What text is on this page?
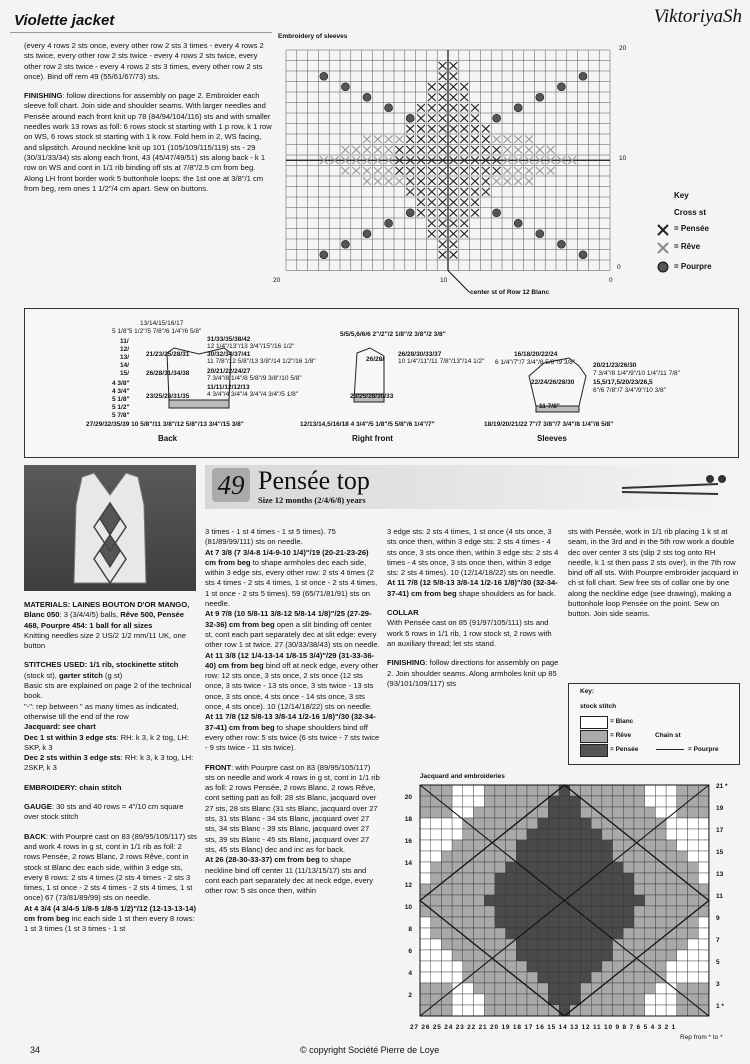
Violette jacket	ViktoriyaSh

(every 4 rows 2 sts once, every other row 2 sts 3 times - every 4 rows 2 sts twice, every other row 2 sts twice - every 4 rows 2 sts twice, every other row 2 sts twice - every 4 rows 2 sts 3 times, every other row 2 sts once). Bind off rem 49 (55/61/67/73) sts.

FINISHING: follow directions for assembly on page 2. Embroider each sleeve foll chart. Join side and shoulder seams. With larger needles and Pensée around each front knit up 78 (84/94/104/116) sts and with smaller needles work 13 rows as foll: 6 rows stock st starting with 1 p row, k 1 row on WS, 6 rows stock st starting with 1 k row. Fold hem in 2, WS facing, and slipstitch. Around neckline knit up 101 (105/109/115/119) sts - 29 (30/31/33/34) sts along each front, 43 (45/47/49/51) sts along back - k 1 row on WS and cont in 1/1 rib binding off sts at 7/8"/2.5 cm from beg. Along LH front border work 5 buttonhole loops: the 1st one at 3/8"/1 cm from beg, rem ones 1 1/2"/4 cm apart. Sew on buttons.

Embroidery of sleeves
20
10
0
20	10	0
center st of Row 12 Blanc
Key
Cross st
= Pensée
= Rêve
= Pourpre
13/14/15/16/17
5 1/8"5 1/2"/5 7/8"/6 1/4"/6 5/8"
11/
12/
13/
14/
15/
31/33/35/38/42
12 1/4"/13"/13 3/4"/15"/16 1/2"
30/32/34/37/41
11 7/8"/12 5/8"/13 3/8"/14 1/2"/16 1/8"
20/21/22/24/27
7 3/4"/8 1/4"/8 5/8"/9 3/8"/10 5/8"
11/11/12/12/13
4 3/4"/4 3/4"/4 3/4"/4 3/4"/5 1/8"
21/23/25/28/31
26/28/31/34/38
23/25/28/31/35
4 3/8"
4 3/4"
5 1/8"
5 1/2"
5 7/8"
27/29/32/35/39 10 5/8"/11 3/8"/12 5/8"/13 3/4"/15 3/8"
Back
5/5/5,6/6/6 2"/2"/2 1/8"/2 3/8"/2 3/8"
26/28/30/33/37
10 1/4"/11"/11 7/8"/13"/14 1/2"
26/28/
23/25/28/30/33
12/13/14,5/16/18 4 3/4"/5 1/8"/5 5/8"/6 1/4"/7"
Right front
16/18/20/22/24
6 1/4"/7"/7 3/4"/8 5/8"/9 3/8"	20/21/23/26/30
7 3/4"/8 1/4"/9"/10 1/4"/11 7/8"
15,5/17,5/20/23/26,5
6"/6 7/8"/7 3/4"/9"/10 3/8"
22/24/26/28/30
11 7/8"
18/19/20/21/22 7"/7 3/8"/7 3/4"/8 1/4"/8 5/8"
Sleeves
49 Pensée top
Size 12 months (2/4/6/8) years

MATERIALS: LAINES BOUTON D'OR MANGO, Blanc 050: 3 (3/4/4/5) balls, Rêve 500, Pensée 468, Pourpre 454: 1 ball for all sizes
Knitting needles size 2 US/2 1/2 mm/11 UK, one button

STITCHES USED: 1/1 rib, stockinette stitch (stock st), garter stitch (g st)
Basic sts are explained on page 2 of the technical book.
"-": rep between " as many times as indicated, otherwise till the end of the row
Jacquard: see chart
Dec 1 st within 3 edge sts: RH: k 3, k 2 tog, LH: SKP, k 3
Dec 2 sts within 3 edge sts: RH: k 3, k 3 tog, LH: 2SKP, k 3

EMBROIDERY: chain stitch

GAUGE: 30 sts and 40 rows = 4"/10 cm square over stock stitch

BACK: with Pourpre cast on 83 (89/95/105/117) sts and work 4 rows in g st, cont in 1/1 rib as foll: 2 rows Pensée, 2 rows Blanc, 2 rows Rêve, cont in stock st Blanc dec each side, within 3 edge sts, every 8 rows: 2 sts 4 times (2 sts 4 times - 2 sts 3 times, 1 st once - 2 sts 4 times - 2 sts 4 times, 1 st once) 67 (73/81/89/99) sts on needle.
At 4 3/4 (4 3/4-5 1/8-5 1/8-5 1/2)"/12 (12-13-13-14) cm from beg inc each side 1 st then every 8 rows: 1 st 3 times (1 st 3 times - 1 st

3 times - 1 st 4 times - 1 st 5 times). 75 (81/89/99/111) sts on needle.
At 7 3/8 (7 3/4-8 1/4-9-10 1/4)"/19 (20-21-23-26) cm from beg to shape armholes dec each side, within 3 edge sts, every other row: 2 sts 4 times (2 sts 4 times - 2 sts 4 times, 1 st once - 2 sts 4 times, 1 st once - 2 sts 5 times). 59 (65/71/81/91) sts on needle.
At 9 7/8 (10 5/8-11 3/8-12 5/8-14 1/8)"/25 (27-29-32-36) cm from beg open a slit binding off center st, cont each part separately dec at slit edge: every other row 1 st twice. 27 (30/33/38/43) sts on needle.
At 11 3/8 (12 1/4-13-14 1/8-15 3/4)"/29 (31-33-36-40) cm from beg bind off at neck edge, every other row: 12 sts once, 3 sts once, 2 sts once (12 sts once, 3 sts twice - 13 sts once, 3 sts twice - 13 sts once, 3 sts once, 4 sts once - 14 sts once, 3 sts once, 4 sts once). 10 (12/14/18/22) sts on needle.
At 11 7/8 (12 5/8-13 3/8-14 1/2-16 1/8)"/30 (32-34-37-41) cm from beg to shape shoulders bind off every other row: 5 sts twice (6 sts twice - 7 sts twice - 9 sts twice - 11 sts twice).

FRONT: with Pourpre cast on 83 (89/95/105/117) sts on needle and work 4 rows in g st, cont in 1/1 rib as foll: 2 rows Pensée, 2 rows Blanc, 2 rows Rêve, cont setting patt as foll: 28 sts Blanc, jacquard over 27 sts, 28 sts Blanc (31 sts Blanc, jacquard over 27 sts, 31 sts Blanc - 34 sts Blanc, jacquard over 27 sts, 34 sts Blanc - 39 sts Blanc, jacquard over 27 sts, 39 sts Blanc - 45 sts Blanc, jacquard over 27 sts, 45 sts Blanc) dec and inc as for back.
At 26 (28-30-33-37) cm from beg to shape neckline bind off center 11 (11/13/15/17) sts and cont each part separately dec at neck edge, every other row: 5 sts once then, within

3 edge sts: 2 sts 4 times, 1 st once (4 sts once, 3 sts once then, within 3 edge sts: 2 sts 4 times - 4 sts once, 3 sts once then, within 3 edge sts: 2 sts 4 times - 4 sts once, 3 sts once then, within 3 edge sts: 2 sts 4 times). 10 (12/14/18/22) sts on needle.
At 11 7/8 (12 5/8-13 3/8-14 1/2-16 1/8)"/30 (32-34-37-41) cm from beg shape shoulders as for back.

COLLAR
With Pensée cast on 85 (91/97/105/111) sts and work 5 rows in 1/1 rib, 1 row stock st, 2 rows with an auxiliary thread; let sts stand.

FINISHING: follow directions for assembly on page 2. Join shoulder seams. Along armholes knit up 85 (93/101/109/117) sts

sts with Pensée, work in 1/1 rib placing 1 k st at seam, in the 3rd and in the 5th row work a double dec over center 3 sts (slip 2 sts tog onto RH needle, k 1 st then pass 2 sts over), in the 7th row bind off all sts. With Pourpre embroider jacquard in ch st foll chart. Sew free sts of collar one by one along the neckline edge (see drawing), making a buttonhole loop Pensée on the point. Sew on button. Join side seams.

Key:
stock stitch
= Blanc
= Rêve
= Pensée
Chain st
= Pourpre
Jacquard and embroideries
20
18
16
14
12
10
8
6
4
2
21 *
19
17
15
13
11
9
7
5
3
1 *
27 26 25 24 23 22 21 20 19 18 17 16 15 14 13 12 11 10 9 8 7 6 5 4 3 2 1
Rep from * to *
34	© copyright Société Pierre de Loye
